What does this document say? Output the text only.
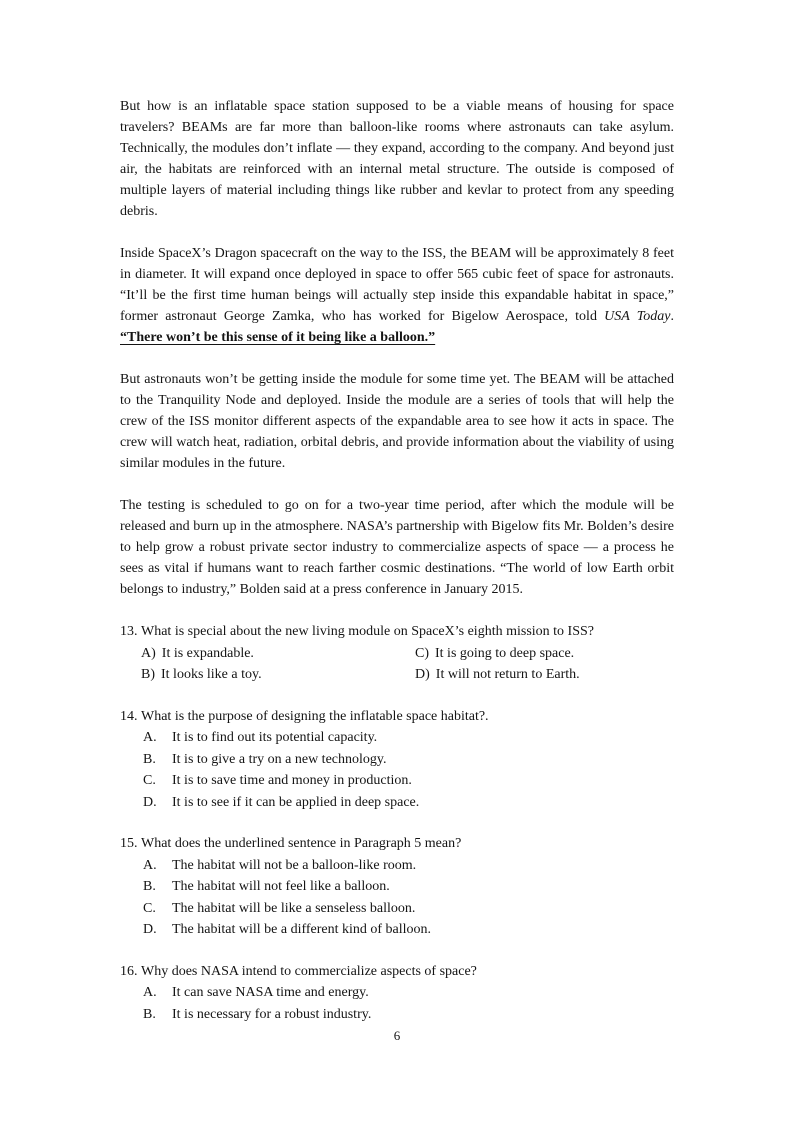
But how is an inflatable space station supposed to be a viable means of housing for space travelers? BEAMs are far more than balloon-like rooms where astronauts can take asylum. Technically, the modules don’t inflate — they expand, according to the company. And beyond just air, the habitats are reinforced with an internal metal structure. The outside is composed of multiple layers of material including things like rubber and kevlar to protect from any speeding debris.

Inside SpaceX’s Dragon spacecraft on the way to the ISS, the BEAM will be approximately 8 feet in diameter. It will expand once deployed in space to offer 565 cubic feet of space for astronauts. “It’ll be the first time human beings will actually step inside this expandable habitat in space,” former astronaut George Zamka, who has worked for Bigelow Aerospace, told USA Today. “There won’t be this sense of it being like a balloon.”

But astronauts won’t be getting inside the module for some time yet. The BEAM will be attached to the Tranquility Node and deployed. Inside the module are a series of tools that will help the crew of the ISS monitor different aspects of the expandable area to see how it acts in space. The crew will watch heat, radiation, orbital debris, and provide information about the viability of using similar modules in the future.

The testing is scheduled to go on for a two-year time period, after which the module will be released and burn up in the atmosphere. NASA’s partnership with Bigelow fits Mr. Bolden’s desire to help grow a robust private sector industry to commercialize aspects of space — a process he sees as vital if humans want to reach farther cosmic destinations. “The world of low Earth orbit belongs to industry,” Bolden said at a press conference in January 2015.

13. What is special about the new living module on SpaceX’s eighth mission to ISS?
A) It is expandable.	C) It is going to deep space.
B) It looks like a toy.	D) It will not return to Earth.
14. What is the purpose of designing the inflatable space habitat?.
A.	It is to find out its potential capacity.
B.	It is to give a try on a new technology.
C.	It is to save time and money in production.
D.	It is to see if it can be applied in deep space.
15. What does the underlined sentence in Paragraph 5 mean?
A.	The habitat will not be a balloon-like room.
B.	The habitat will not feel like a balloon.
C.	The habitat will be like a senseless balloon.
D.	The habitat will be a different kind of balloon.
16. Why does NASA intend to commercialize aspects of space?
A.	It can save NASA time and energy.
B.	It is necessary for a robust industry.
6
